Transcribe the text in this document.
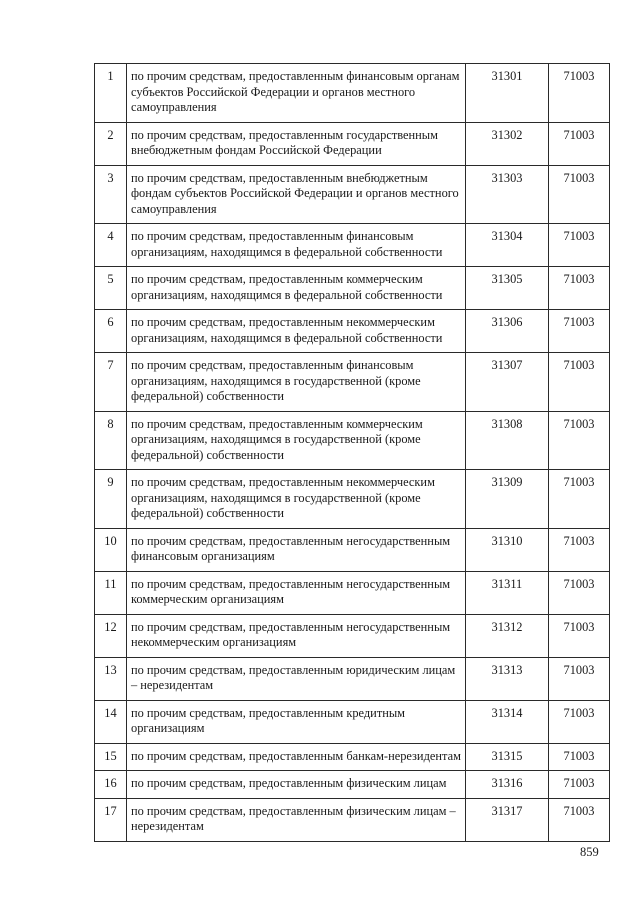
1	по прочим средствам, предоставленным финансовым органам субъектов Российской Федерации и органов местного самоуправления	31301	71003
2	по прочим средствам, предоставленным государственным внебюджетным фондам Российской Федерации	31302	71003
3	по прочим средствам, предоставленным внебюджетным фондам субъектов Российской Федерации и органов местного самоуправления	31303	71003
4	по прочим средствам, предоставленным финансовым организациям, находящимся в федеральной собственности	31304	71003
5	по прочим средствам, предоставленным коммерческим организациям, находящимся в федеральной собственности	31305	71003
6	по прочим средствам, предоставленным некоммерческим организациям, находящимся в федеральной собственности	31306	71003
7	по прочим средствам, предоставленным финансовым организациям, находящимся в государственной (кроме федеральной) собственности	31307	71003
8	по прочим средствам, предоставленным коммерческим организациям, находящимся в государственной (кроме федеральной) собственности	31308	71003
9	по прочим средствам, предоставленным некоммерческим организациям, находящимся в государственной (кроме федеральной) собственности	31309	71003
10	по прочим средствам, предоставленным негосударственным финансовым организациям	31310	71003
11	по прочим средствам, предоставленным негосударственным коммерческим организациям	31311	71003
12	по прочим средствам, предоставленным негосударственным некоммерческим организациям	31312	71003
13	по прочим средствам, предоставленным юридическим лицам – нерезидентам	31313	71003
14	по прочим средствам, предоставленным кредитным организациям	31314	71003
15	по прочим средствам, предоставленным банкам-нерезидентам	31315	71003
16	по прочим средствам, предоставленным физическим лицам	31316	71003
17	по прочим средствам, предоставленным физическим лицам – нерезидентам	31317	71003
859
